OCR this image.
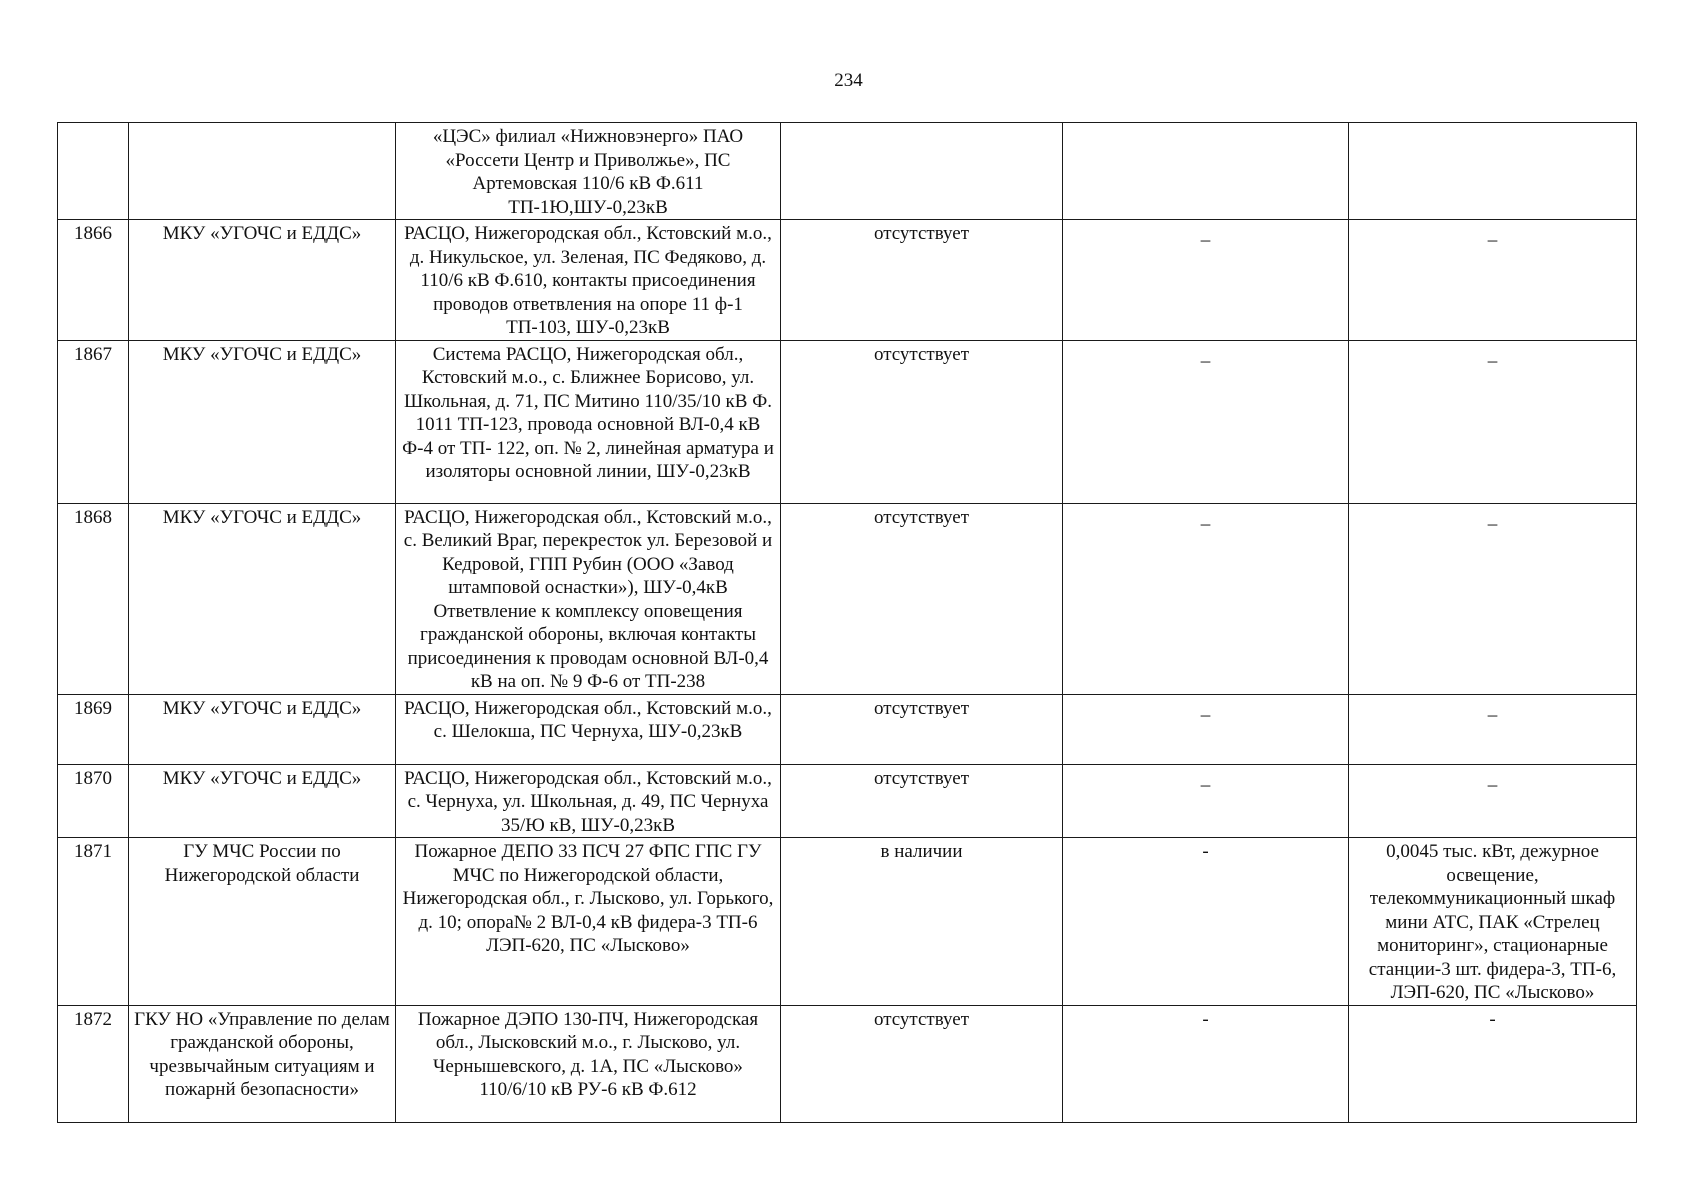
234
		«ЦЭС» филиал «Нижновэнерго» ПАО «Россети Центр и Приволжье», ПС Артемовская 110/6 кВ Ф.611 ТП-1Ю,ШУ-0,23кВ			
1866	МКУ «УГОЧС и ЕДДС»	РАСЦО, Нижегородская обл., Кстовский м.о., д. Никульское, ул. Зеленая, ПС Федяково, д. 110/6 кВ Ф.610, контакты присоединения проводов ответвления на опоре 11 ф-1 ТП-103, ШУ-0,23кВ	отсутствует	_	_
1867	МКУ «УГОЧС и ЕДДС»	Система РАСЦО, Нижегородская обл., Кстовский м.о., с. Ближнее Борисово, ул. Школьная, д. 71, ПС Митино 110/35/10 кВ Ф. 1011 ТП-123, провода основной ВЛ-0,4 кВ Ф-4 от ТП- 122, оп. № 2, линейная арматура и изоляторы основной линии, ШУ-0,23кВ	отсутствует	_	_
1868	МКУ «УГОЧС и ЕДДС»	РАСЦО, Нижегородская обл., Кстовский м.о., с. Великий Враг, перекресток ул. Березовой и Кедровой, ГПП Рубин (ООО «Завод штамповой оснастки»), ШУ-0,4кВ Ответвление к комплексу оповещения гражданской обороны, включая контакты присоединения к проводам основной ВЛ-0,4 кВ на оп. № 9 Ф-6 от ТП-238	отсутствует	_	_
1869	МКУ «УГОЧС и ЕДДС»	РАСЦО, Нижегородская обл., Кстовский м.о., с. Шелокша, ПС Чернуха, ШУ-0,23кВ	отсутствует	_	_
1870	МКУ «УГОЧС и ЕДДС»	РАСЦО, Нижегородская обл., Кстовский м.о., с. Чернуха, ул. Школьная, д. 49, ПС Чернуха 35/Ю кВ, ШУ-0,23кВ	отсутствует	_	_
1871	ГУ МЧС России по Нижегородской области	Пожарное ДЕПО 33 ПСЧ 27 ФПС ГПС ГУ МЧС по Нижегородской области, Нижегородская обл., г. Лысково, ул. Горького, д. 10; опора№ 2 ВЛ-0,4 кВ фидера-3 ТП-6 ЛЭП-620, ПС «Лысково»	в наличии	-	0,0045 тыс. кВт, дежурное освещение, телекоммуникационный шкаф мини АТС, ПАК «Стрелец мониторинг», стационарные станции-3 шт. фидера-3, ТП-6, ЛЭП-620, ПС «Лысково»
1872	ГКУ НО «Управление по делам гражданской обороны, чрезвычайным ситуациям и пожарнй безопасности»	Пожарное ДЭПО 130-ПЧ, Нижегородская обл., Лысковский м.о., г. Лысково, ул. Чернышевского, д. 1А, ПС «Лысково» 110/6/10 кВ РУ-6 кВ Ф.612	отсутствует	-	-
